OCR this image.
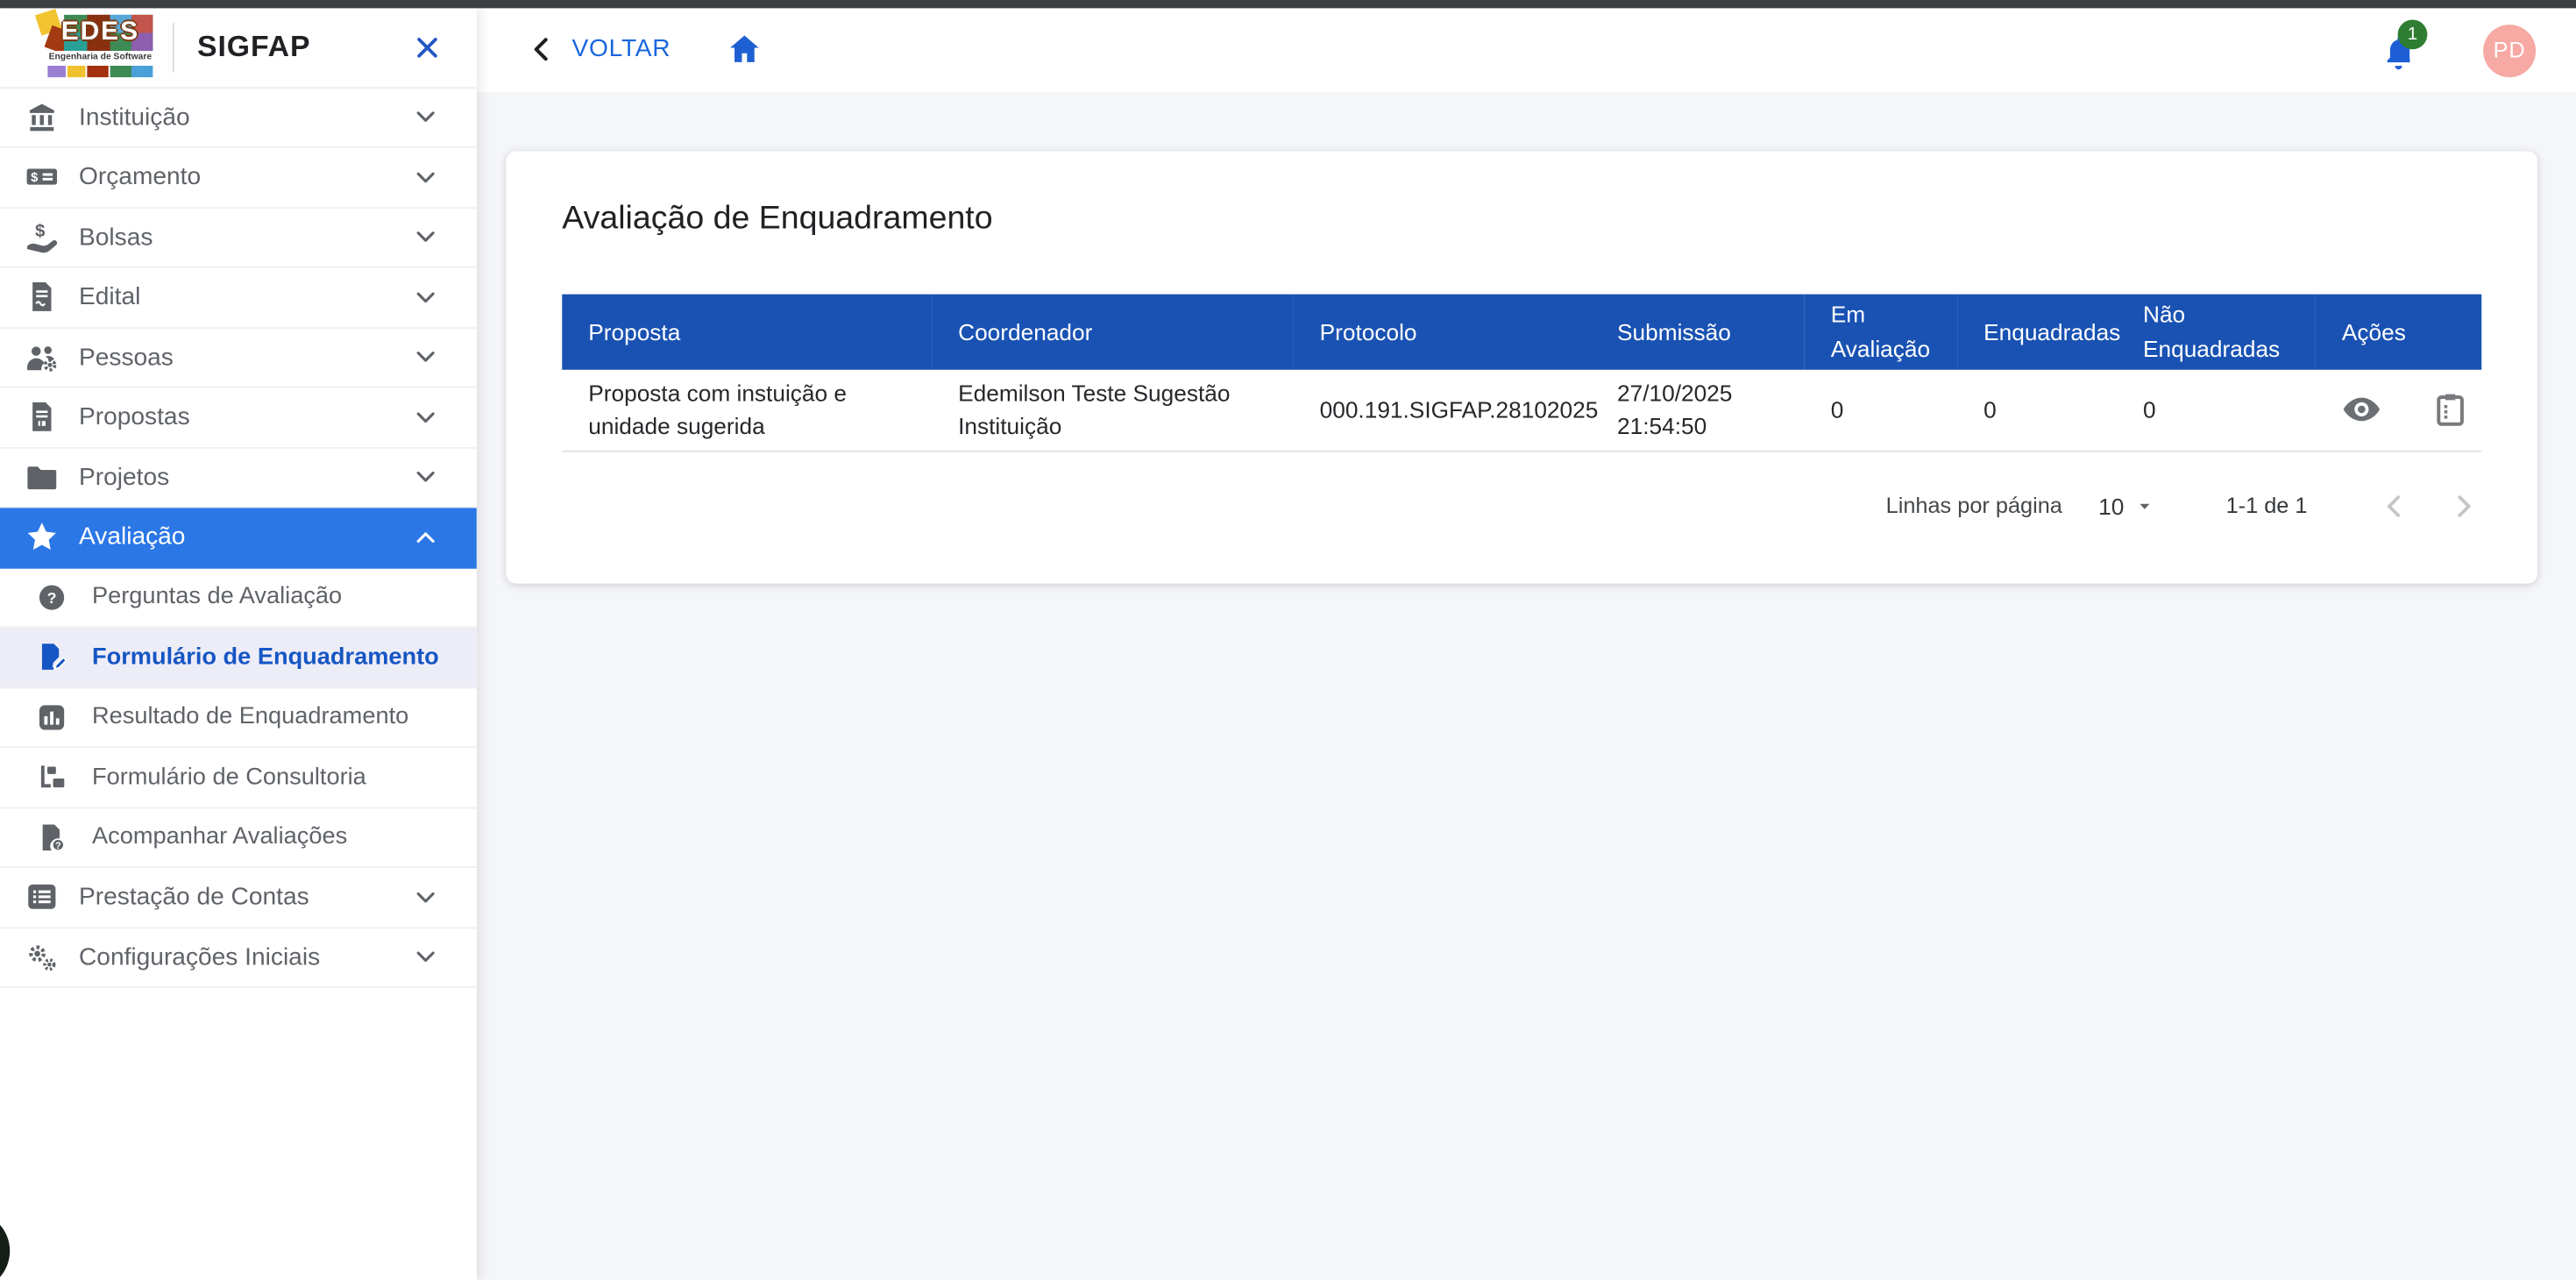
EDES
Engenharia de Software	SIGFAP
Instituição
$	Orçamento
$	Bolsas
Edital
Pessoas
Propostas
Projetos
Avaliação
?	Perguntas de Avaliação
Formulário de Enquadramento
Resultado de Enquadramento
Formulário de Consultoria
? Acompanhar Avaliações
Prestação de Contas
Configurações Iniciais
VOLTAR
1
PD
Avaliação de Enquadramento
Proposta	Coordenador	Protocolo	Submissão	Em Avaliação	Enquadradas	Não Enquadradas	Ações
Proposta com instuição e unidade sugerida	Edemilson Teste Sugestão Instituição	000.191.SIGFAP.28102025	27/10/2025 21:54:50	0	0	0	
Linhas por página	10	1-1 de 1
